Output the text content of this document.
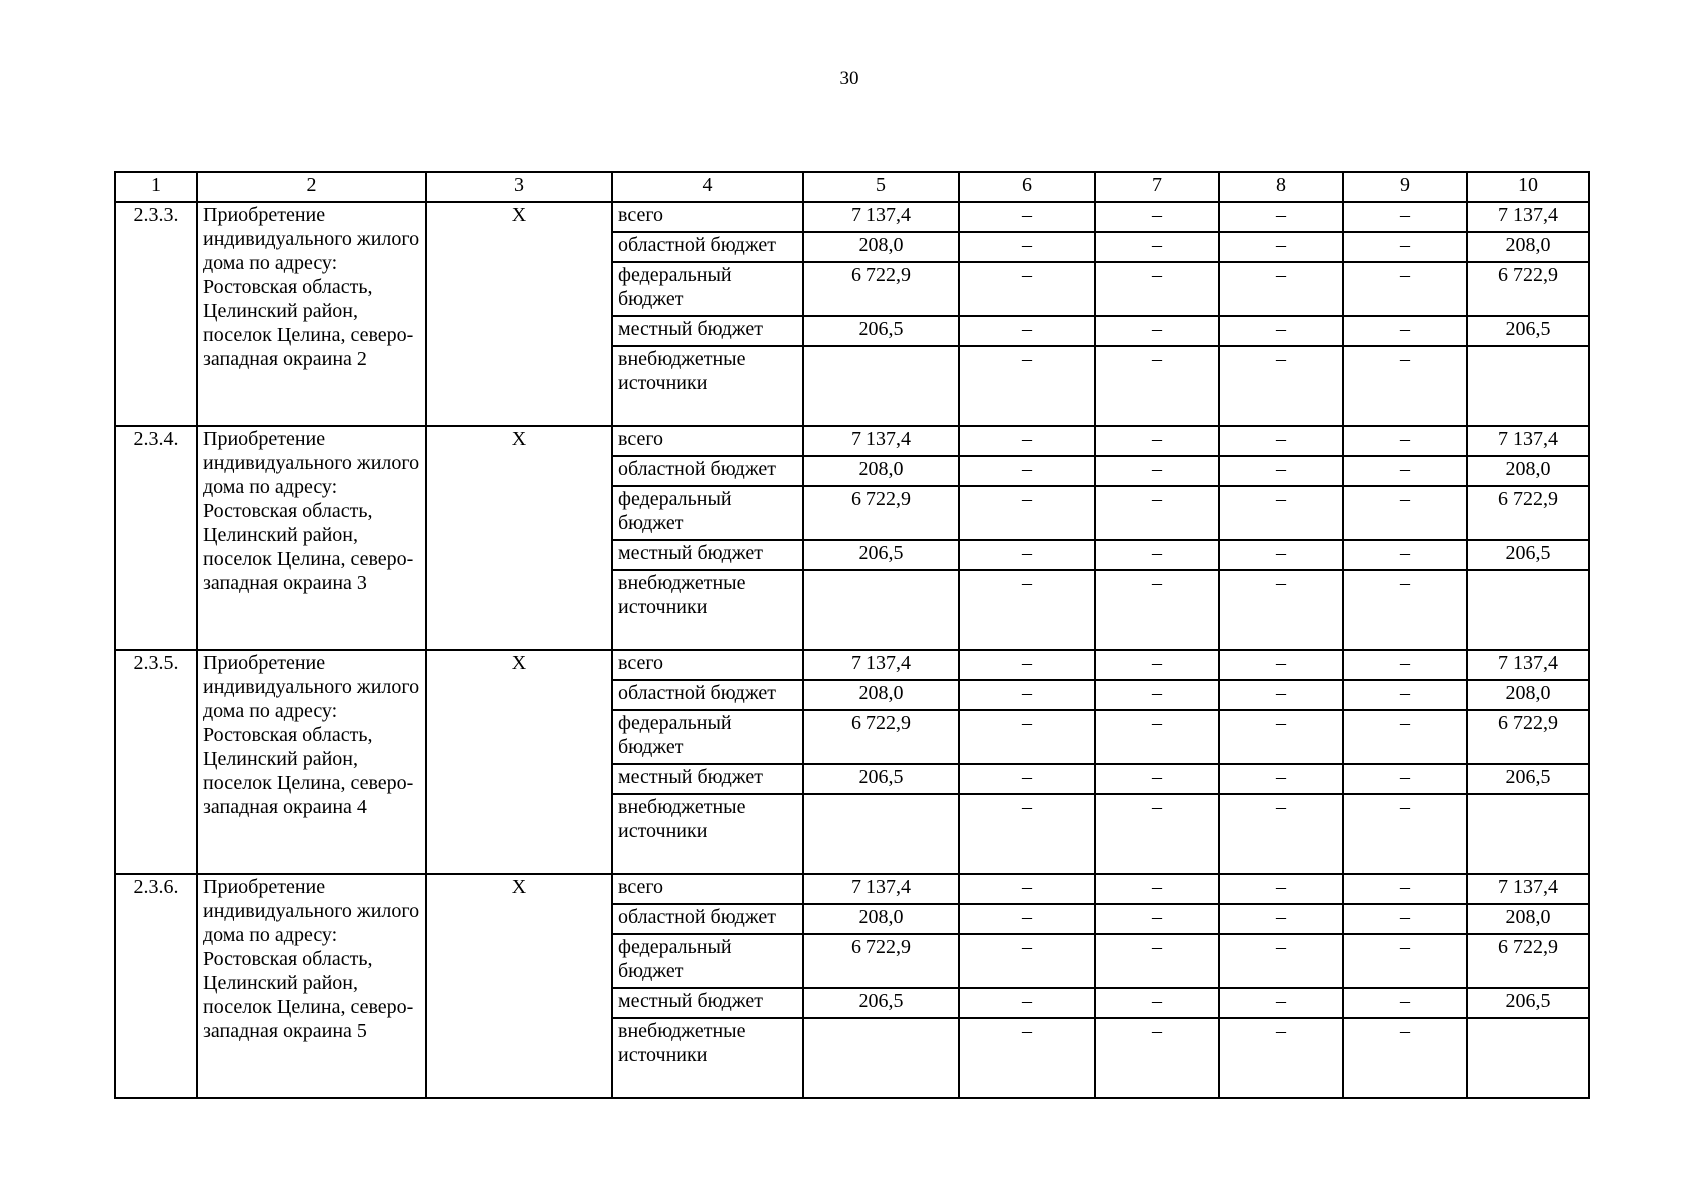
30
1	2	3	4	5	6	7	8	9	10
2.3.3.	Приобретение индивидуального жилого дома по адресу: Ростовская область, Целинский район, поселок Целина, северо-западная окраина 2	X	всего	7 137,4	–	–	–	–	7 137,4
			областной бюджет	208,0	–	–	–	–	208,0
			федеральный бюджет	6 722,9	–	–	–	–	6 722,9
			местный бюджет	206,5	–	–	–	–	206,5
			внебюджетные источники		–	–	–	–	
2.3.4.	Приобретение индивидуального жилого дома по адресу: Ростовская область, Целинский район, поселок Целина, северо-западная окраина 3	X	всего	7 137,4	–	–	–	–	7 137,4
			областной бюджет	208,0	–	–	–	–	208,0
			федеральный бюджет	6 722,9	–	–	–	–	6 722,9
			местный бюджет	206,5	–	–	–	–	206,5
			внебюджетные источники		–	–	–	–	
2.3.5.	Приобретение индивидуального жилого дома по адресу: Ростовская область, Целинский район, поселок Целина, северо-западная окраина 4	X	всего	7 137,4	–	–	–	–	7 137,4
			областной бюджет	208,0	–	–	–	–	208,0
			федеральный бюджет	6 722,9	–	–	–	–	6 722,9
			местный бюджет	206,5	–	–	–	–	206,5
			внебюджетные источники		–	–	–	–	
2.3.6.	Приобретение индивидуального жилого дома по адресу: Ростовская область, Целинский район, поселок Целина, северо-западная окраина 5	X	всего	7 137,4	–	–	–	–	7 137,4
			областной бюджет	208,0	–	–	–	–	208,0
			федеральный бюджет	6 722,9	–	–	–	–	6 722,9
			местный бюджет	206,5	–	–	–	–	206,5
			внебюджетные источники		–	–	–	–	
